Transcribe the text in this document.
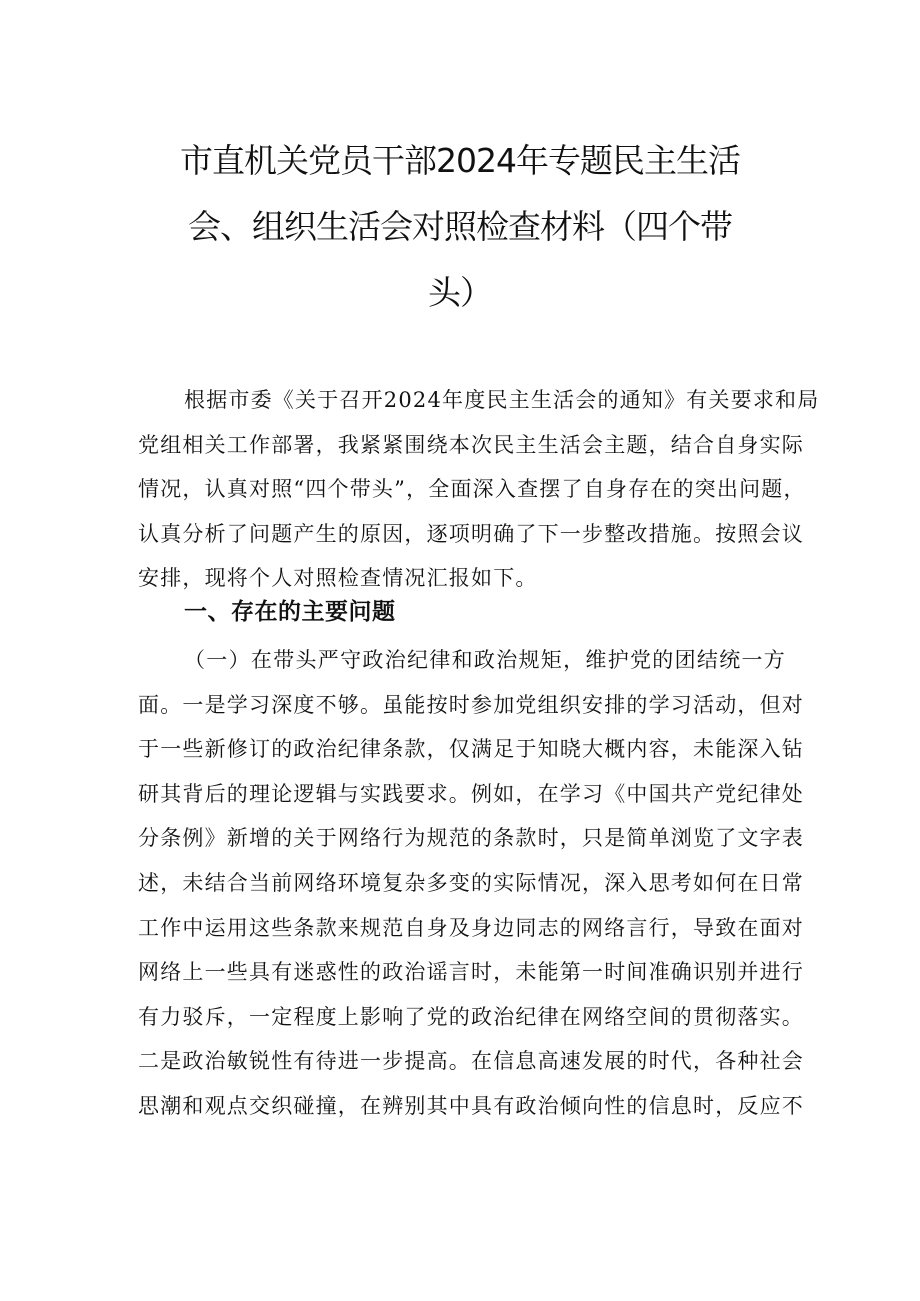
市直机关党员干部2024年专题民主生活
会、组织生活会对照检查材料（四个带
头）

根据市委《关于召开2024年度民主生活会的通知》有关要求和局
党组相关工作部署，我紧紧围绕本次民主生活会主题，结合自身实际
情况，认真对照“四个带头”，全面深入查摆了自身存在的突出问题，
认真分析了问题产生的原因，逐项明确了下一步整改措施。按照会议
安排，现将个人对照检查情况汇报如下。

一、存在的主要问题

（一）在带头严守政治纪律和政治规矩，维护党的团结统一方
面。一是学习深度不够。虽能按时参加党组织安排的学习活动，但对
于一些新修订的政治纪律条款，仅满足于知晓大概内容，未能深入钻
研其背后的理论逻辑与实践要求。例如，在学习《中国共产党纪律处
分条例》新增的关于网络行为规范的条款时，只是简单浏览了文字表
述，未结合当前网络环境复杂多变的实际情况，深入思考如何在日常
工作中运用这些条款来规范自身及身边同志的网络言行，导致在面对
网络上一些具有迷惑性的政治谣言时，未能第一时间准确识别并进行
有力驳斥，一定程度上影响了党的政治纪律在网络空间的贯彻落实。
二是政治敏锐性有待进一步提高。在信息高速发展的时代，各种社会
思潮和观点交织碰撞，在辨别其中具有政治倾向性的信息时，反应不
